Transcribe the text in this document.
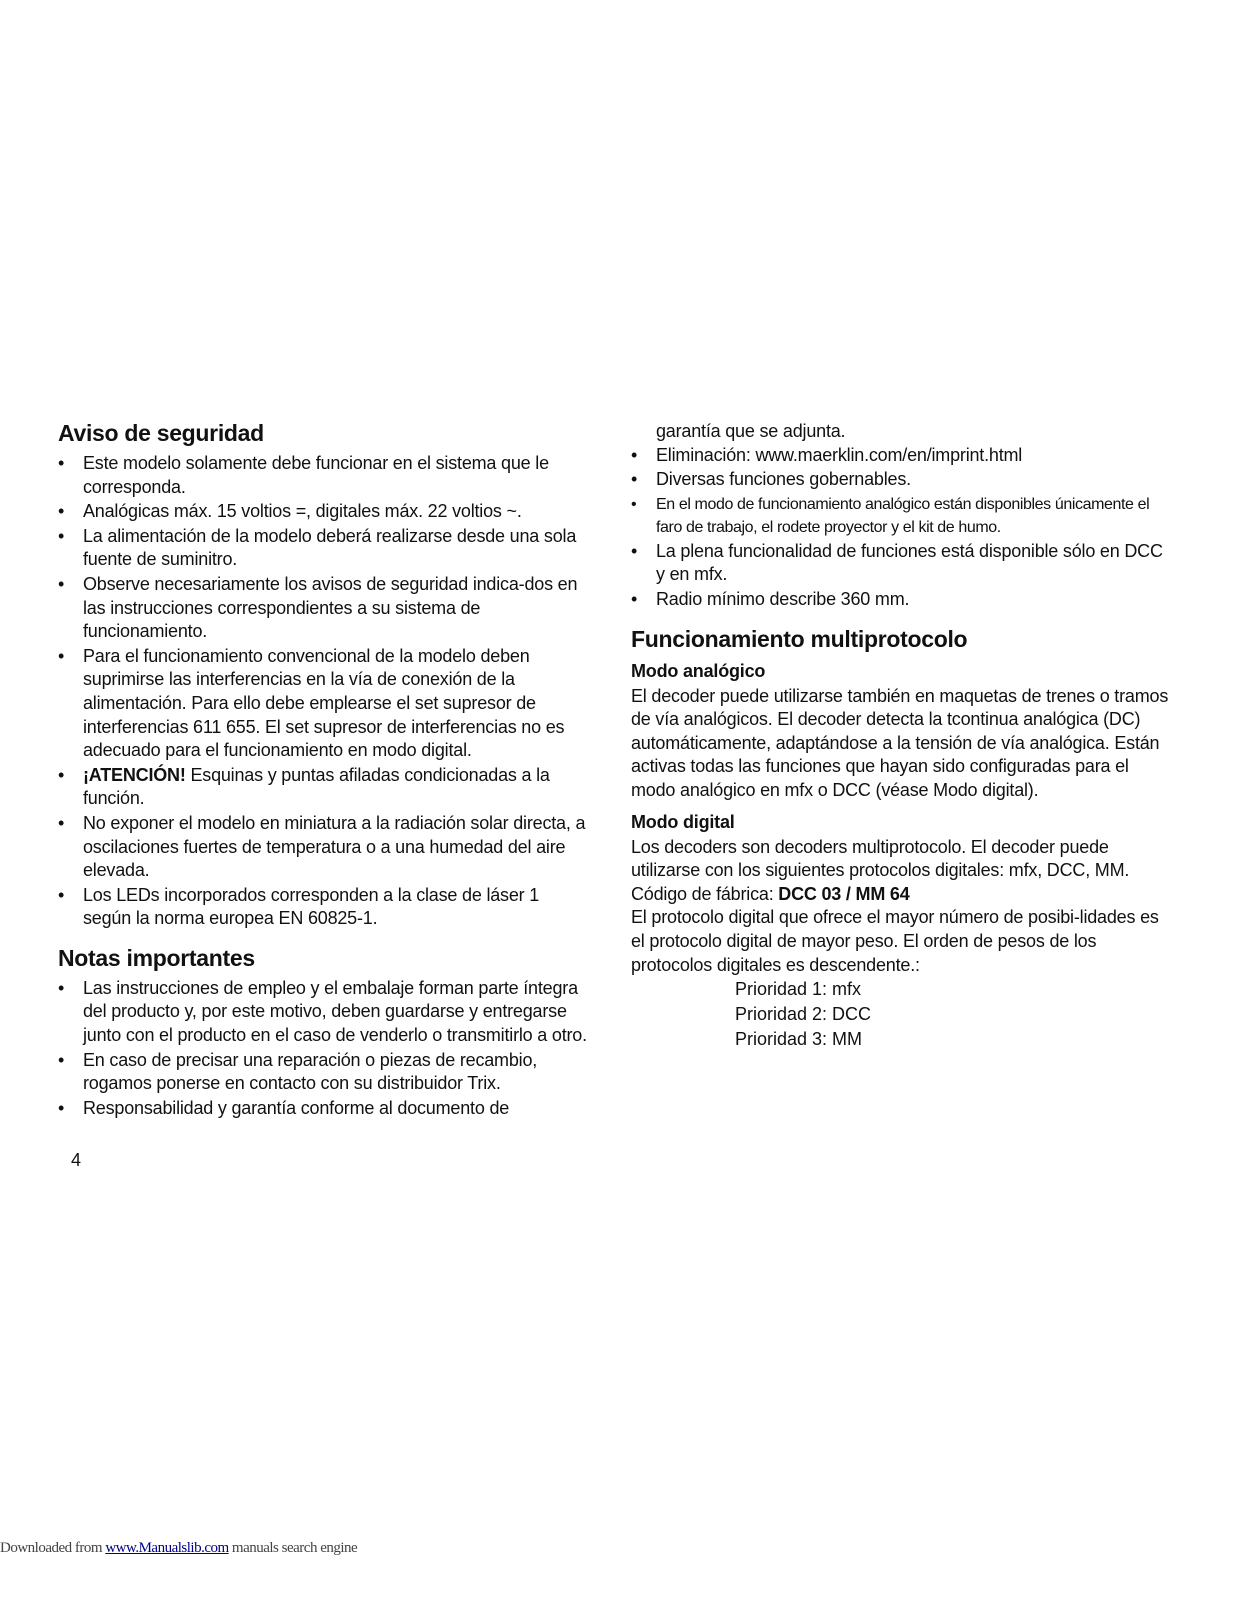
Aviso de seguridad
• Este modelo solamente debe funcionar en el sistema que le corresponda.
• Analógicas máx. 15 voltios =, digitales máx. 22 voltios ~.
• La alimentación de la modelo deberá realizarse desde una sola fuente de suminitro.
• Observe necesariamente los avisos de seguridad indica-dos en las instrucciones correspondientes a su sistema de funcionamiento.
• Para el funcionamiento convencional de la modelo deben suprimirse las interferencias en la vía de conexión de la alimentación. Para ello debe emplearse el set supresor de interferencias 611 655. El set supresor de interferencias no es adecuado para el funcionamiento en modo digital.
• ¡ATENCIÓN! Esquinas y puntas afiladas condicionadas a la función.
• No exponer el modelo en miniatura a la radiación solar directa, a oscilaciones fuertes de temperatura o a una humedad del aire elevada.
• Los LEDs incorporados corresponden a la clase de láser 1 según la norma europea EN 60825-1.
Notas importantes
• Las instrucciones de empleo y el embalaje forman parte íntegra del producto y, por este motivo, deben guardarse y entregarse junto con el producto en el caso de venderlo o transmitirlo a otro.
• En caso de precisar una reparación o piezas de recambio, rogamos ponerse en contacto con su distribuidor Trix.
• Responsabilidad y garantía conforme al documento de
garantía que se adjunta.
• Eliminación: www.maerklin.com/en/imprint.html
• Diversas funciones gobernables.
• En el modo de funcionamiento analógico están disponibles únicamente el faro de trabajo, el rodete proyector y el kit de humo.
• La plena funcionalidad de funciones está disponible sólo en DCC y en mfx.
• Radio mínimo describe 360 mm.
Funcionamiento multiprotocolo
Modo analógico

El decoder puede utilizarse también en maquetas de trenes o tramos de vía analógicos. El decoder detecta la tcontinua analógica (DC) automáticamente, adaptándose a la tensión de vía analógica. Están activas todas las funciones que hayan sido configuradas para el modo analógico en mfx o DCC (véase Modo digital).

Modo digital

Los decoders son decoders multiprotocolo. El decoder puede utilizarse con los siguientes protocolos digitales: mfx, DCC, MM.

Código de fábrica: DCC 03 / MM 64

El protocolo digital que ofrece el mayor número de posibi-lidades es el protocolo digital de mayor peso. El orden de pesos de los protocolos digitales es descendente.:

Prioridad 1: mfx
Prioridad 2: DCC
Prioridad 3: MM
4
Downloaded from www.Manualslib.com manuals search engine
